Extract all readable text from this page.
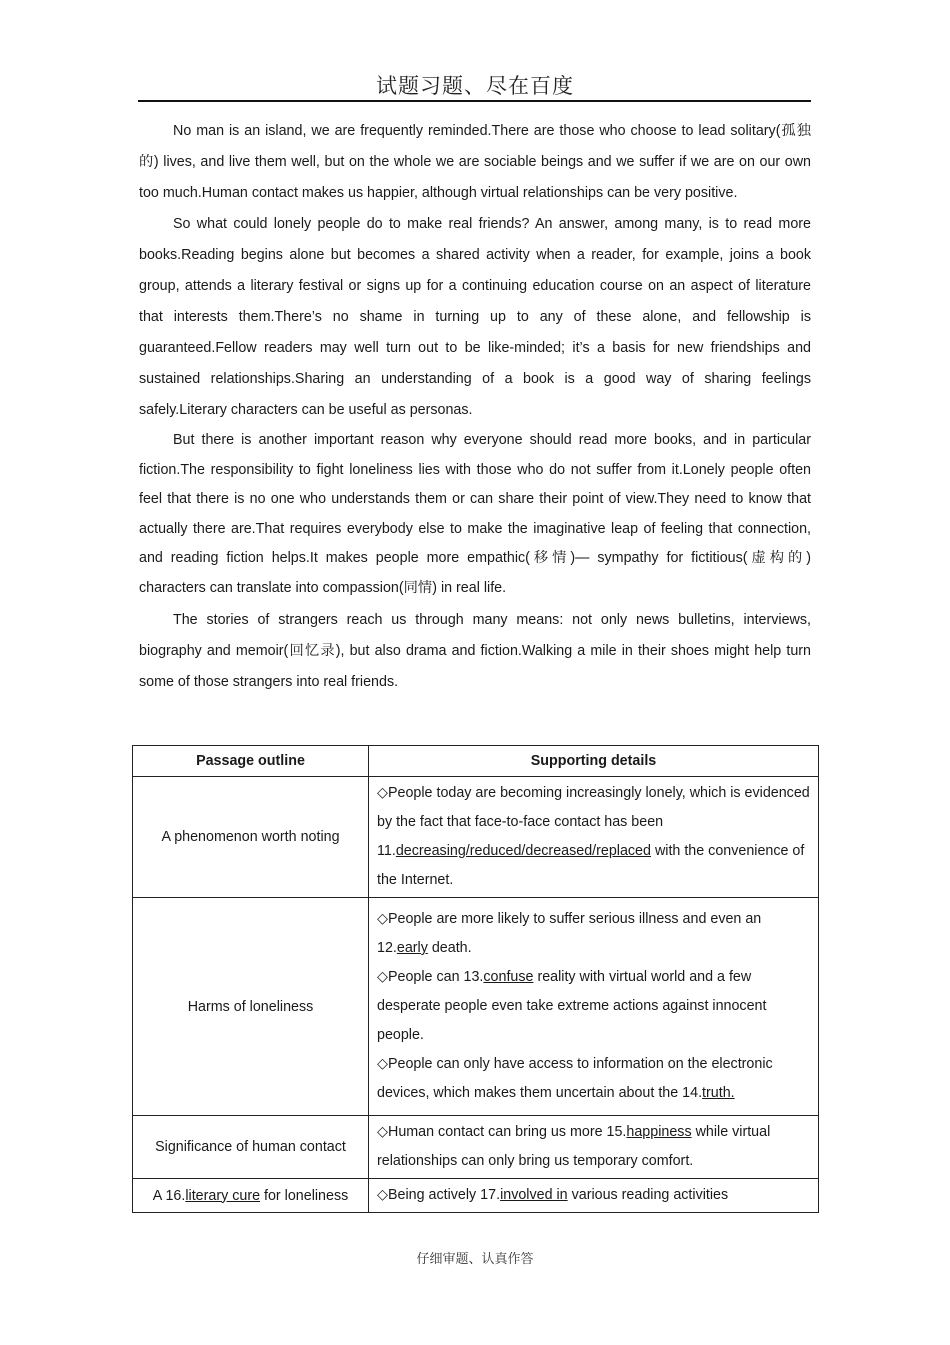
试题习题、尽在百度

No man is an island, we are frequently reminded.There are those who choose to lead solitary(孤独的) lives, and live them well, but on the whole we are sociable beings and we suffer if we are on our own too much.Human contact makes us happier, although virtual relationships can be very positive.

So what could lonely people do to make real friends? An answer, among many, is to read more books.Reading begins alone but becomes a shared activity when a reader, for example, joins a book group, attends a literary festival or signs up for a continuing education course on an aspect of literature that interests them.There’s no shame in turning up to any of these alone, and fellowship is guaranteed.Fellow readers may well turn out to be like-minded; it’s a basis for new friendships and sustained relationships.Sharing an understanding of a book is a good way of sharing feelings safely.Literary characters can be useful as personas.

But there is another important reason why everyone should read more books, and in particular fiction.The responsibility to fight loneliness lies with those who do not suffer from it.Lonely people often feel that there is no one who understands them or can share their point of view.They need to know that actually there are.That requires everybody else to make the imaginative leap of feeling that connection, and reading fiction helps.It makes people more empathic(移情)— sympathy for fictitious(虚构的) characters can translate into compassion(同情) in real life.

The stories of strangers reach us through many means: not only news bulletins, interviews, biography and memoir(回忆录), but also drama and fiction.Walking a mile in their shoes might help turn some of those strangers into real friends.

Passage outline	Supporting details
A phenomenon worth noting	◇People today are becoming increasingly lonely, which is evidenced by the fact that face-to-face contact has been 11.decreasing/reduced/decreased/replaced with the convenience of the Internet.

Harms of loneliness	◇People are more likely to suffer serious illness and even an 12.early death.
◇People can 13.confuse reality with virtual world and a few desperate people even take extreme actions against innocent people.
◇People can only have access to information on the electronic devices, which makes them uncertain about the 14.truth.

Significance of human contact	◇Human contact can bring us more 15.happiness while virtual relationships can only bring us temporary comfort.

A 16.literary cure for loneliness	◇Being actively 17.involved in various reading activities
仔细审题、认真作答
